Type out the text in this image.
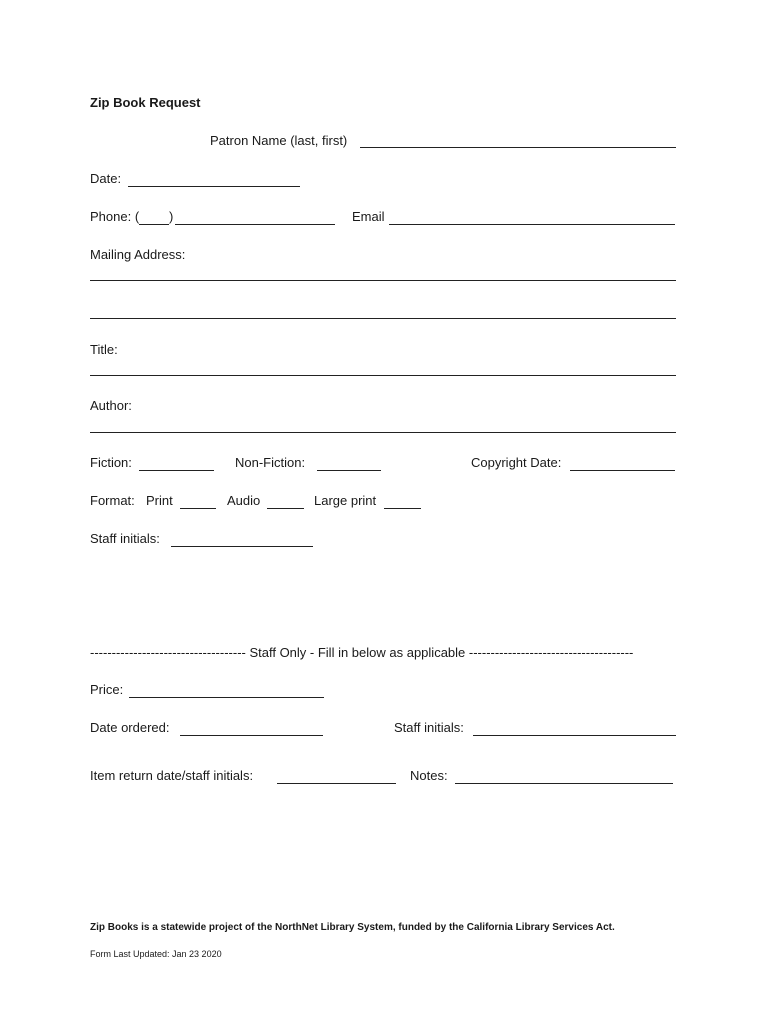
Zip Book Request
Patron Name (last, first)
Date:
Phone: ( )	Email
Mailing Address:
Title:
Author:
Fiction:	Non-Fiction:	Copyright Date:
Format: Print	Audio	Large print
Staff initials:
------------------------------------ Staff Only - Fill in below as applicable --------------------------------------
Price:
Date ordered:	Staff initials:
Item return date/staff initials:	Notes:
Zip Books is a statewide project of the NorthNet Library System, funded by the California Library Services Act.
Form Last Updated: Jan 23 2020
